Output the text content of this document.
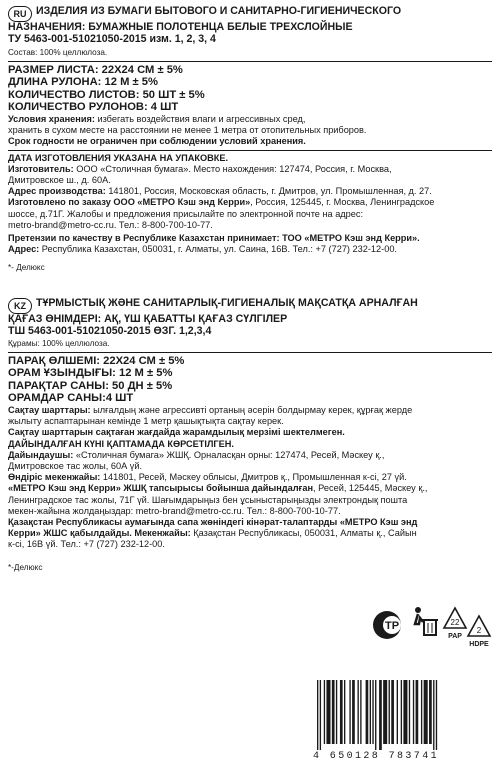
RU ИЗДЕЛИЯ ИЗ БУМАГИ БЫТОВОГО И САНИТАРНО-ГИГИЕНИЧЕСКОГО
НАЗНАЧЕНИЯ: БУМАЖНЫЕ ПОЛОТЕНЦА БЕЛЫЕ ТРЕХСЛОЙНЫЕ
ТУ 5463-001-51021050-2015 изм. 1, 2, 3, 4
Состав: 100% целлюлоза.
РАЗМЕР ЛИСТА: 22Х24 СМ ± 5%
ДЛИНА РУЛОНА: 12 М ± 5%
КОЛИЧЕСТВО ЛИСТОВ: 50 ШТ ± 5%
КОЛИЧЕСТВО РУЛОНОВ: 4 ШТ
Условия хранения: избегать воздействия влаги и агрессивных сред,
хранить в сухом месте на расстоянии не менее 1 метра от отопительных приборов.
Срок годности не ограничен при соблюдении условий хранения.
ДАТА ИЗГОТОВЛЕНИЯ УКАЗАНА НА УПАКОВКЕ.
Изготовитель: ООО «Столичная бумага». Место нахождения: 127474, Россия, г. Москва,
Дмитровское ш., д. 60А.
Адрес производства: 141801, Россия, Московская область, г. Дмитров, ул. Промышленная, д. 27.
Изготовлено по заказу ООО «МЕТРО Кэш энд Керри», Россия, 125445, г. Москва, Ленинградское
шоссе, д.71Г. Жалобы и предложения присылайте по электронной почте на адрес:
metro-brand@metro-cc.ru. Тел.: 8-800-700-10-77.
Претензии по качеству в Республике Казахстан принимает: ТОО «МЕТРО Кэш энд Керри».
Адрес: Республика Казахстан, 050031, г. Алматы, ул. Саина, 16В. Тел.: +7 (727) 232-12-00.
*- Делюкс
KZ ТҰРМЫСТЫҚ ЖӘНЕ САНИТАРЛЫҚ-ГИГИЕНАЛЫҚ МАҚСАТҚА АРНАЛҒАН
ҚАҒАЗ ӨНІМДЕРІ: АҚ, ҮШ ҚАБАТТЫ ҚАҒАЗ СҮЛГІЛЕР
ТШ 5463-001-51021050-2015 ӨЗГ. 1,2,3,4
Құрамы: 100% целлюлоза.
ПАРАҚ ӨЛШЕМІ: 22Х24 СМ ± 5%
ОРАМ ҰЗЫНДЫҒЫ: 12 М ± 5%
ПАРАҚТАР САНЫ: 50 ДН ± 5%
ОРАМДАР САНЫ:4 ШТ
Сақтау шарттары: ылғалдың және агрессивті ортаның әсерін болдырмау керек, құрғақ жерде
жылыту аспаптарынан кемінде 1 метр қашықтықта сақтау керек.
Сақтау шарттарын сақтаған жағдайда жарамдылық мерзімі шектелмеген.
ДАЙЫНДАЛҒАН КҮНІ ҚАПТАМАДА КӨРСЕТІЛГЕН.
Дайындаушы: «Столичная бумага» ЖШҚ. Орналасқан орны: 127474, Ресей, Мәскеу қ.,
Дмитровское тас жолы, 60А үй.
Өндіріс мекенжайы: 141801, Ресей, Мәскеу облысы, Дмитров қ., Промышленная к-сі, 27 үй.
«МЕТРО Кэш энд Керри» ЖШҚ тапсырысы бойынша дайындалған, Ресей, 125445, Мәскеу қ.,
Ленинградское тас жолы, 71Г үй. Шағымдарыңыз бен ұсыныстарыңызды электрондық пошта
мекен-жайына жолдаңыздар: metro-brand@metro-cc.ru. Тел.: 8-800-700-10-77.
Қазақстан Республикасы аумағында сапа жөніндегі кінәрат-талаптарды «МЕТРО Кэш энд
Керри» ЖШС қабылдайды. Мекенжайы: Қазақстан Республикасы, 050031, Алматы қ., Сайын
к-сі, 16В үй. Тел.: +7 (727) 232-12-00.
*-Делюкс
ТР	22
PAP
2
HDPE
4 650128 783741
